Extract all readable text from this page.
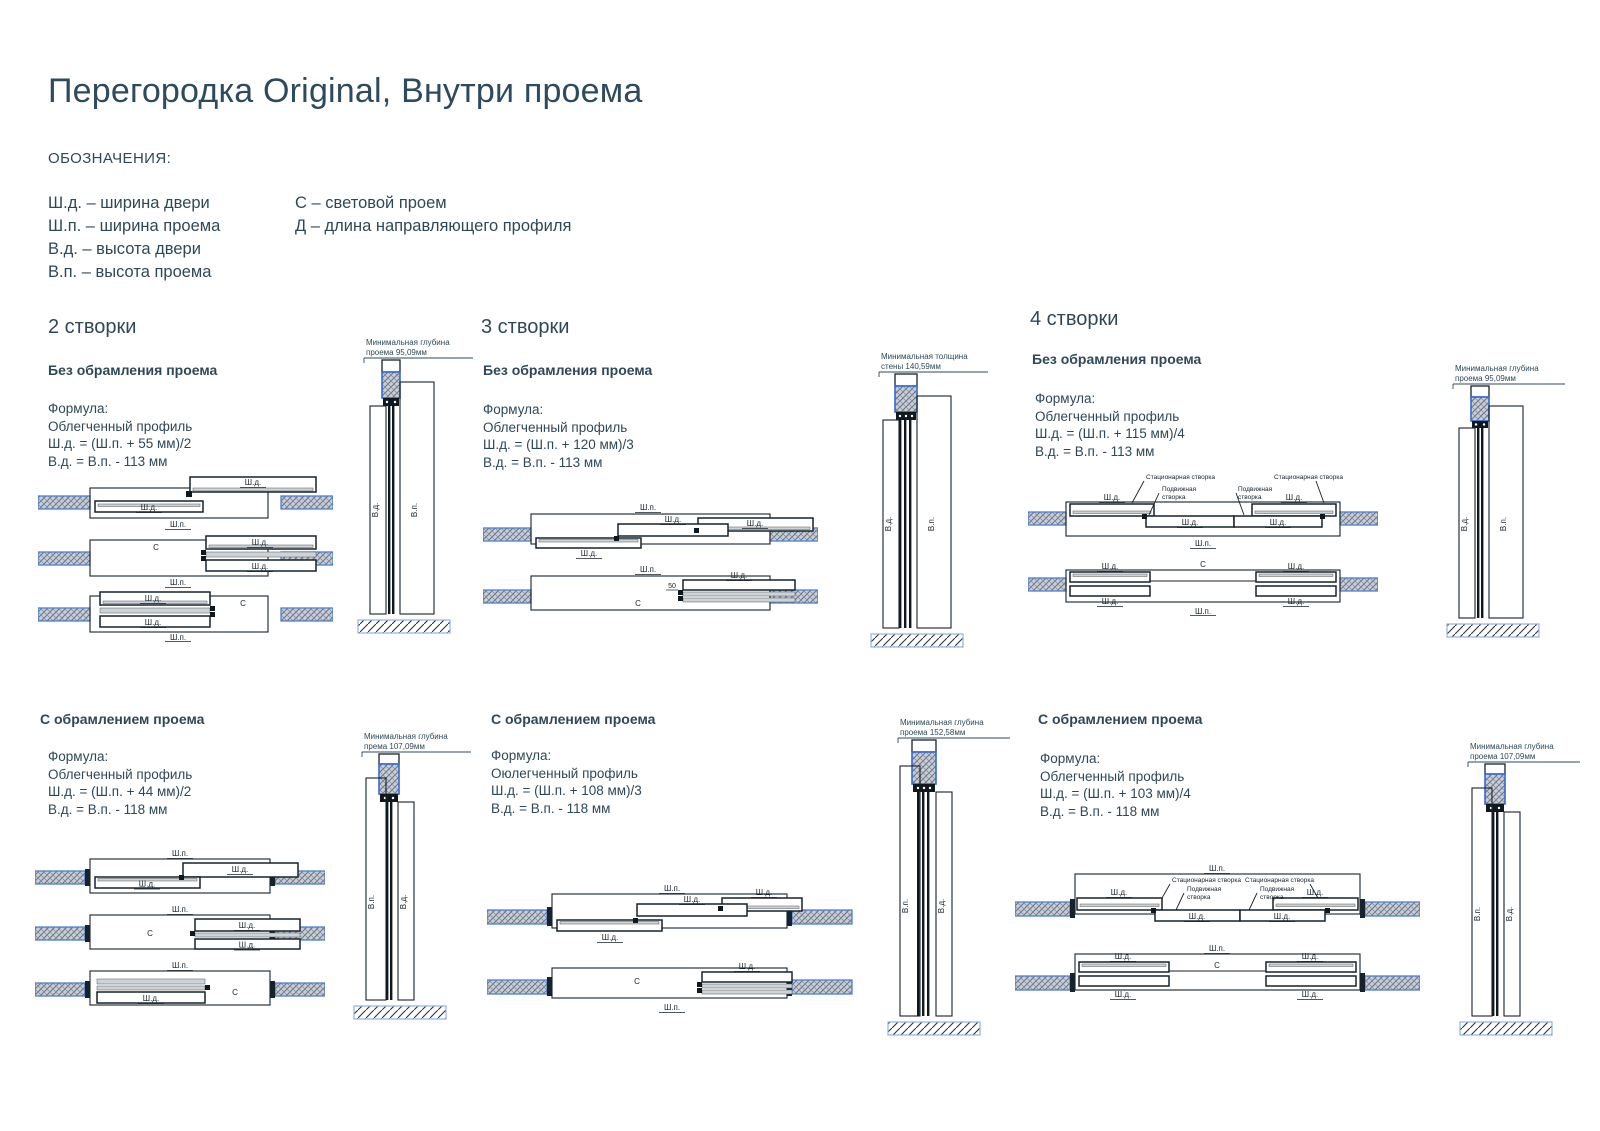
Перегородка Original, Внутри проема
ОБОЗНАЧЕНИЯ:
Ш.д. – ширина двери
Ш.п. – ширина проема
В.д. – высота двери
В.п. – высота проема
С – световой проем
Д – длина направляющего профиля
2 створки	3 створки	4 створки
Без обрамления проема	Без обрамления проема
Без обрамления проема
С обрамлением проема	С обрамлением проема	С обрамлением проема
Формула:
Облегченный профиль
Ш.д. = (Ш.п. + 55 мм)/2
В.д. = В.п. - 113 мм
Формула:
Облегченный профиль
Ш.д. = (Ш.п. + 120 мм)/3
В.д. = В.п. - 113 мм
Формула:
Облегченный профиль
Ш.д. = (Ш.п. + 115 мм)/4
В.д. = В.п. - 113 мм
Формула:
Облегченный профиль
Ш.д. = (Ш.п. + 44 мм)/2
В.д. = В.п. - 118 мм
Формула:
Оюлегченный профиль
Ш.д. = (Ш.п. + 108 мм)/3
В.д. = В.п. - 118 мм
Формула:
Облегченный профиль
Ш.д. = (Ш.п. + 103 мм)/4
В.д. = В.п. - 118 мм
Ш.д.
Ш.д.
Ш.п.
С
Ш.д.
Ш.д.
Ш.п.
Ш.д.
Ш.д.
С
Ш.п.
Ш.п.
Ш.д.
Ш.д.
Ш.п.
С
Ш.д.
Ш.д.
Ш.п.
Ш.д.
С
Ш.п.
Ш.д.
Ш.д.
Ш.д.
Ш.п.
Ш.д.
50
С
Ш.п.	Ш.д.
Ш.д.
Ш.д.
С
Ш.д.
Ш.п.
Ш.д.	Ш.д.
Ш.д.	Ш.д.
Стационарная створка
Подвижная
створка
Подвижная
створка
Стационарная створка
Ш.п.
С
Ш.д.
Ш.д.
Ш.д.
Ш.д.
Ш.п.
Ш.п.
Ш.д.	Ш.д.
Ш.д.	Ш.д.
Стационарная створка
Подвижная
створка
Стационарная створка
Подвижная
створка
Ш.п.
С
Ш.д.
Ш.д.
Ш.д.
Ш.д.
Минимальная глубина
проема 95,09мм
В.д.	В.п.
Минимальная толщина
стены 140,59мм
В.д.	В.п.
Минимальная глубина
проема 95,09мм
В.д.	В.п.
Минимальная глубина
према 107,09мм
В.д.
В.п.
Минимальная глубина
проема 152,58мм
В.д.
В.п.
Минимальная глубина
проема 107,09мм
В.д.
В.п.
